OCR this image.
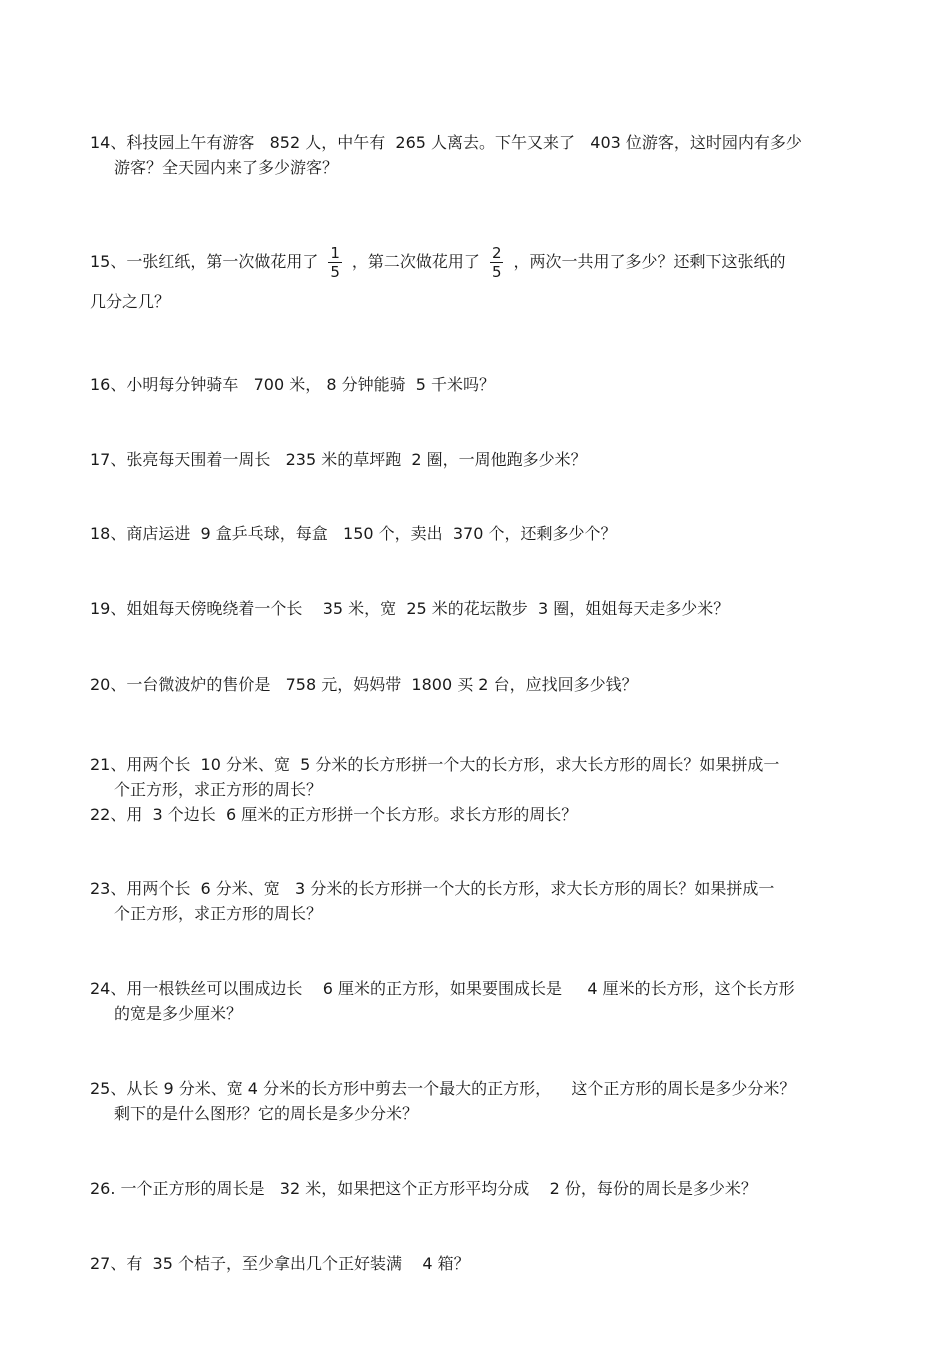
14、科技园上午有游客   852 人，中午有  265 人离去。下午又来了   403 位游客，这时园内有多少
游客？全天园内来了多少游客？
15、一张红纸，第一次做花用了 $\frac{1}{5}$ ，第二次做花用了 $\frac{2}{5}$ ，两次一共用了多少？还剩下这张纸的
几分之几？
16、小明每分钟骑车   700 米， 8 分钟能骑  5 千米吗？
17、张亮每天围着一周长   235 米的草坪跑  2 圈，一周他跑多少米？
18、商店运进  9 盒乒乓球，每盒   150 个，卖出  370 个，还剩多少个？
19、姐姐每天傍晚绕着一个长    35 米，宽  25 米的花坛散步  3 圈，姐姐每天走多少米？
20、一台微波炉的售价是   758 元，妈妈带  1800 买 2 台，应找回多少钱？
21、用两个长  10 分米、宽  5 分米的长方形拼一个大的长方形，求大长方形的周长？如果拼成一
个正方形，求正方形的周长？
22、用  3 个边长  6 厘米的正方形拼一个长方形。求长方形的周长？
23、用两个长  6 分米、宽   3 分米的长方形拼一个大的长方形，求大长方形的周长？如果拼成一
个正方形，求正方形的周长？
24、用一根铁丝可以围成边长    6 厘米的正方形，如果要围成长是     4 厘米的长方形，这个长方形
的宽是多少厘米？
25、从长 9 分米、宽 4 分米的长方形中剪去一个最大的正方形，    这个正方形的周长是多少分米？
剩下的是什么图形？它的周长是多少分米？
26. 一个正方形的周长是   32 米，如果把这个正方形平均分成    2 份，每份的周长是多少米？
27、有  35 个桔子，至少拿出几个正好装满    4 箱？
